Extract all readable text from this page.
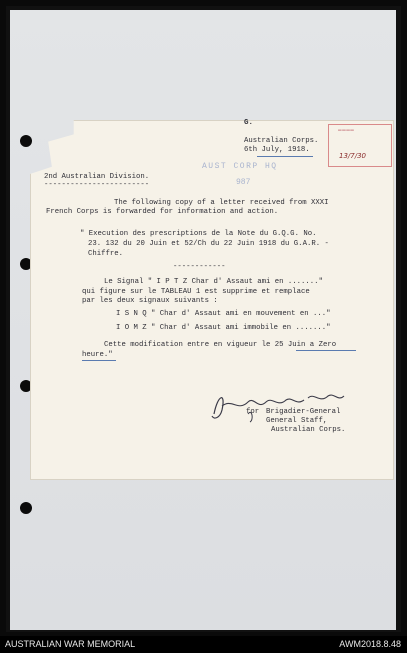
▬▬▬▬
13/7/30
G.
Australian Corps.
6th July, 1918.
AUST CORP HQ
987
2nd Australian Division.
------------------------
The following copy of a letter received from XXXI
French Corps is forwarded for information and action.
" Execution des prescriptions de la Note du G.Q.G. No.
23. 132 du 20 Juin et 52/Ch du 22 Juin 1918 du G.A.R. -
Chiffre.
------------
Le Signal " I P T Z Char d' Assaut ami en ......."
qui figure sur le TABLEAU 1 est supprime et remplace
par les deux signaux suivants :
I S N Q " Char d' Assaut ami en mouvement en ..."
I O M Z " Char d' Assaut ami immobile en ......."
Cette modification entre en vigueur le 25 Juin a Zero
heure."
for Brigadier-General
General Staff,
Australian Corps.
AUSTRALIAN WAR MEMORIAL	AWM2018.8.48
